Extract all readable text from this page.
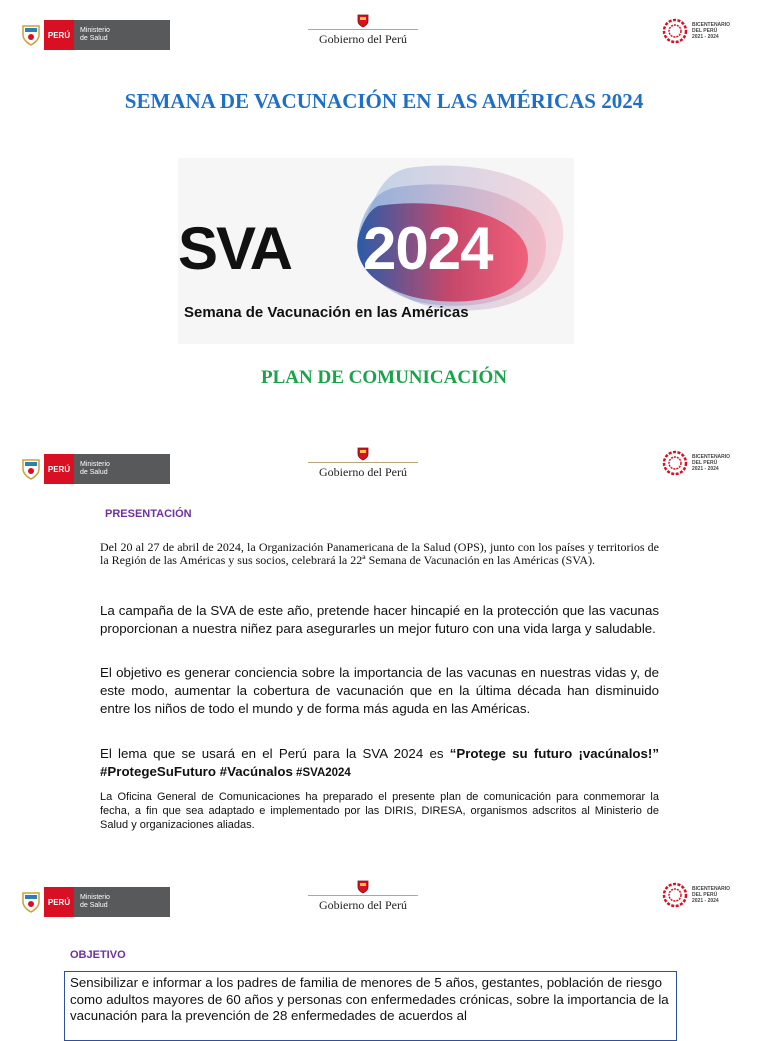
PERÚ	Ministerio
de Salud	Gobierno del Perú
BICENTENARIO
DEL PERÚ
2021 - 2024
SEMANA DE VACUNACIÓN EN LAS AMÉRICAS 2024
SVA 2024
Semana de Vacunación en las Américas
PLAN DE COMUNICACIÓN
PERÚ	Ministerio
de Salud	Gobierno del Perú
BICENTENARIO
DEL PERÚ
2021 - 2024
PRESENTACIÓN
Del 20 al 27 de abril de 2024, la Organización Panamericana de la Salud (OPS), junto con los países y territorios de la Región de las Américas y sus socios, celebrará la 22ª Semana de Vacunación en las Américas (SVA).
La campaña de la SVA de este año, pretende hacer hincapié en la protección que las vacunas proporcionan a nuestra niñez para asegurarles un mejor futuro con una vida larga y saludable.
El objetivo es generar conciencia sobre la importancia de las vacunas en nuestras vidas y, de este modo, aumentar la cobertura de vacunación que en la última década han disminuido entre los niños de todo el mundo y de forma más aguda en las Américas.
El lema que se usará en el Perú para la SVA 2024 es “Protege su futuro ¡vacúnalos!” #ProtegeSuFuturo #Vacúnalos #SVA2024
La Oficina General de Comunicaciones ha preparado el presente plan de comunicación para conmemorar la fecha, a fin que sea adaptado e implementado por las DIRIS, DIRESA, organismos adscritos al Ministerio de Salud y organizaciones aliadas.
PERÚ	Ministerio
de Salud	Gobierno del Perú
BICENTENARIO
DEL PERÚ
2021 - 2024
OBJETIVO
Sensibilizar e informar a los padres de familia de menores de 5 años, gestantes, población de riesgo como adultos mayores de 60 años y personas con enfermedades crónicas, sobre la importancia de la vacunación para la prevención de 28 enfermedades de acuerdos al
